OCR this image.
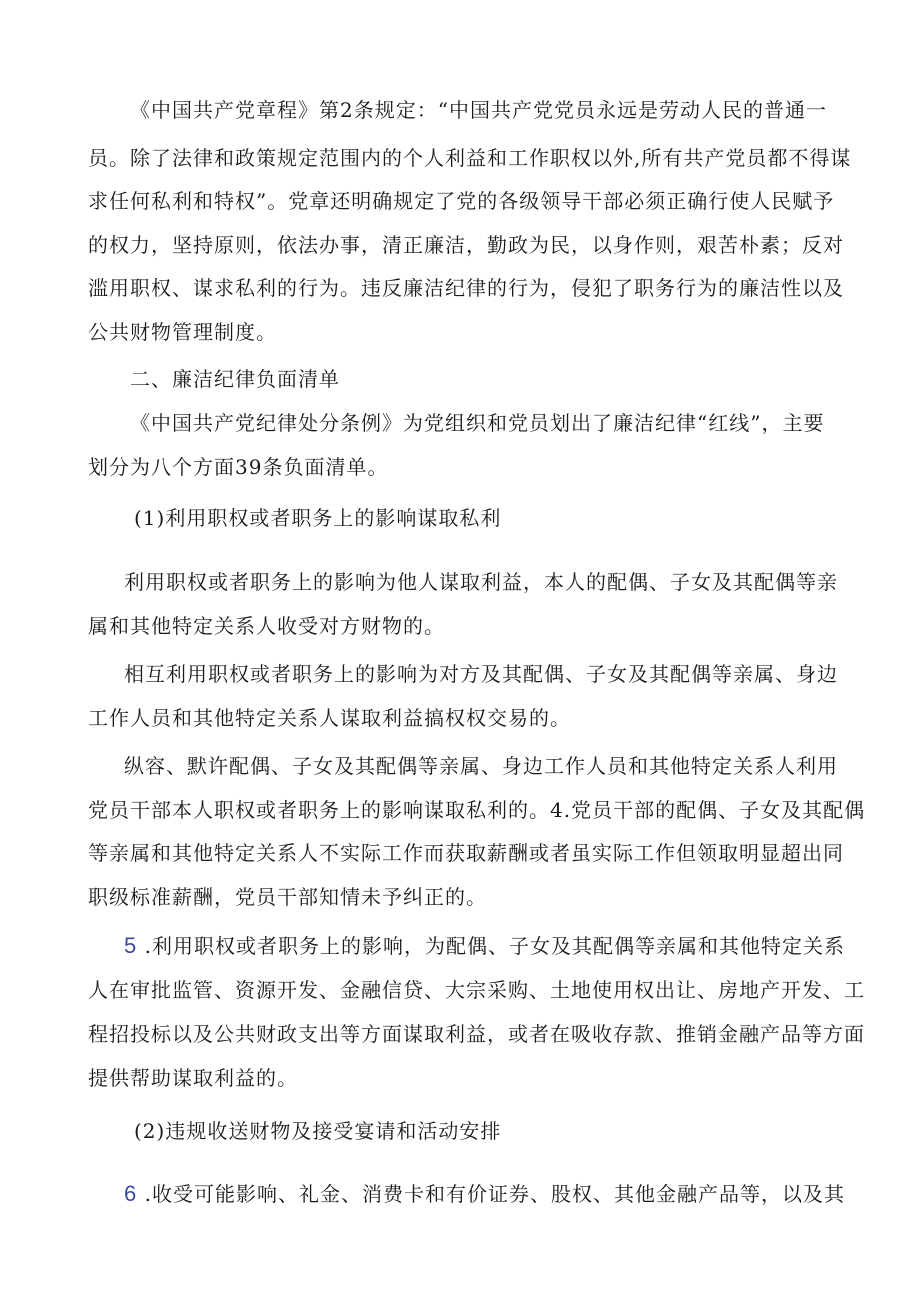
《中国共产党章程》第2条规定：“中国共产党党员永远是劳动人民的普通一
员。除了法律和政策规定范围内的个人利益和工作职权以外,所有共产党员都不得谋
求任何私利和特权”。党章还明确规定了党的各级领导干部必须正确行使人民赋予
的权力，坚持原则，依法办事，清正廉洁，勤政为民，以身作则，艰苦朴素；反对
滥用职权、谋求私利的行为。违反廉洁纪律的行为，侵犯了职务行为的廉洁性以及
公共财物管理制度。
二、廉洁纪律负面清单
《中国共产党纪律处分条例》为党组织和党员划出了廉洁纪律“红线”，主要
划分为八个方面39条负面清单。
(1)利用职权或者职务上的影响谋取私利
利用职权或者职务上的影响为他人谋取利益，本人的配偶、子女及其配偶等亲
属和其他特定关系人收受对方财物的。
相互利用职权或者职务上的影响为对方及其配偶、子女及其配偶等亲属、身边
工作人员和其他特定关系人谋取利益搞权权交易的。
纵容、默许配偶、子女及其配偶等亲属、身边工作人员和其他特定关系人利用
党员干部本人职权或者职务上的影响谋取私利的。4.党员干部的配偶、子女及其配偶
等亲属和其他特定关系人不实际工作而获取薪酬或者虽实际工作但领取明显超出同
职级标准薪酬，党员干部知情未予纠正的。
5 .利用职权或者职务上的影响，为配偶、子女及其配偶等亲属和其他特定关系
人在审批监管、资源开发、金融信贷、大宗采购、土地使用权出让、房地产开发、工
程招投标以及公共财政支出等方面谋取利益，或者在吸收存款、推销金融产品等方面
提供帮助谋取利益的。
(2)违规收送财物及接受宴请和活动安排
6 .收受可能影响、礼金、消费卡和有价证券、股权、其他金融产品等，以及其
